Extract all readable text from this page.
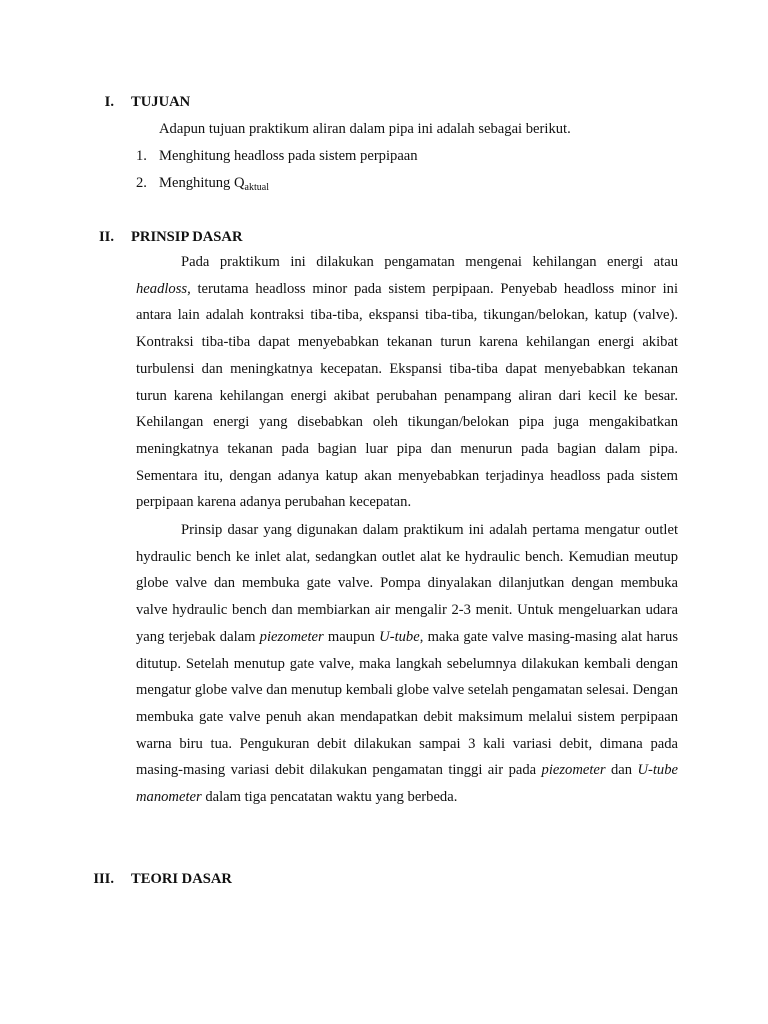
I. TUJUAN
Adapun tujuan praktikum aliran dalam pipa ini adalah sebagai berikut.
1. Menghitung headloss pada sistem perpipaan
2. Menghitung $Q_{aktual}$
II. PRINSIP DASAR

Pada praktikum ini dilakukan pengamatan mengenai kehilangan energi atau headloss, terutama headloss minor pada sistem perpipaan. Penyebab headloss minor ini antara lain adalah kontraksi tiba-tiba, ekspansi tiba-tiba, tikungan/belokan, katup (valve). Kontraksi tiba-tiba dapat menyebabkan tekanan turun karena kehilangan energi akibat turbulensi dan meningkatnya kecepatan. Ekspansi tiba-tiba dapat menyebabkan tekanan turun karena kehilangan energi akibat perubahan penampang aliran dari kecil ke besar. Kehilangan energi yang disebabkan oleh tikungan/belokan pipa juga mengakibatkan meningkatnya tekanan pada bagian luar pipa dan menurun pada bagian dalam pipa. Sementara itu, dengan adanya katup akan menyebabkan terjadinya headloss pada sistem perpipaan karena adanya perubahan kecepatan.

Prinsip dasar yang digunakan dalam praktikum ini adalah pertama mengatur outlet hydraulic bench ke inlet alat, sedangkan outlet alat ke hydraulic bench. Kemudian meutup globe valve dan membuka gate valve. Pompa dinyalakan dilanjutkan dengan membuka valve hydraulic bench dan membiarkan air mengalir 2-3 menit. Untuk mengeluarkan udara yang terjebak dalam piezometer maupun U-tube, maka gate valve masing-masing alat harus ditutup. Setelah menutup gate valve, maka langkah sebelumnya dilakukan kembali dengan mengatur globe valve dan menutup kembali globe valve setelah pengamatan selesai. Dengan membuka gate valve penuh akan mendapatkan debit maksimum melalui sistem perpipaan warna biru tua. Pengukuran debit dilakukan sampai 3 kali variasi debit, dimana pada masing-masing variasi debit dilakukan pengamatan tinggi air pada piezometer dan U-tube manometer dalam tiga pencatatan waktu yang berbeda.

III. TEORI DASAR
